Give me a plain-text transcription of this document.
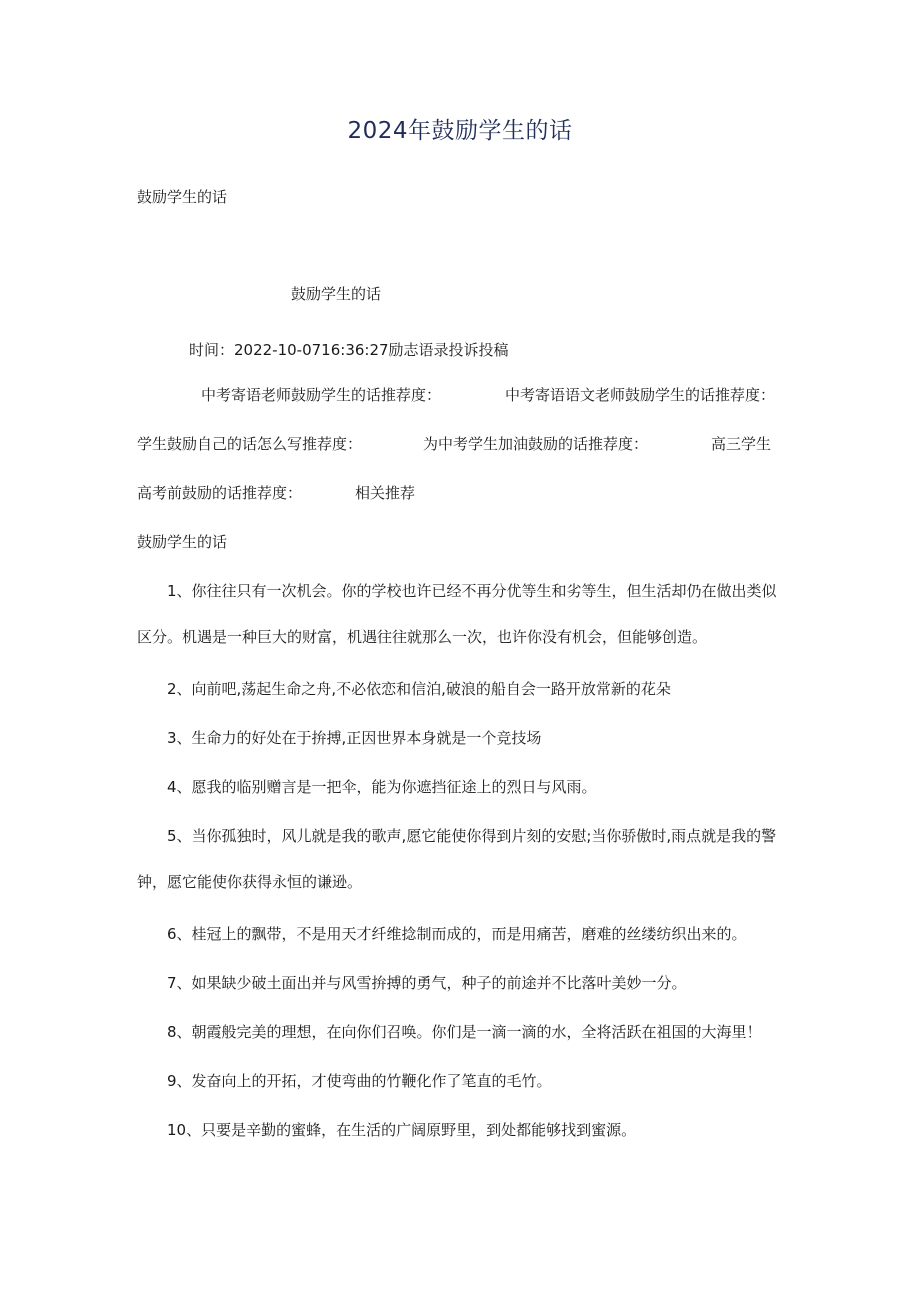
2024年鼓励学生的话
鼓励学生的话
鼓励学生的话
时间：2022-10-0716:36:27励志语录投诉投稿
中考寄语老师鼓励学生的话推荐度：	中考寄语语文老师鼓励学生的话推荐度：
学生鼓励自己的话怎么写推荐度：	为中考学生加油鼓励的话推荐度：	高三学生
高考前鼓励的话推荐度：	相关推荐
鼓励学生的话
1、你往往只有一次机会。你的学校也许已经不再分优等生和劣等生，但生活却仍在做出类似区分。机遇是一种巨大的财富，机遇往往就那么一次，也许你没有机会，但能够创造。
2、向前吧,荡起生命之舟,不必依恋和信泊,破浪的船自会一路开放常新的花朵
3、生命力的好处在于拚搏,正因世界本身就是一个竞技场
4、愿我的临别赠言是一把伞，能为你遮挡征途上的烈日与风雨。
5、当你孤独时，风儿就是我的歌声,愿它能使你得到片刻的安慰;当你骄傲时,雨点就是我的警钟，愿它能使你获得永恒的谦逊。
6、桂冠上的飘带，不是用天才纤维捻制而成的，而是用痛苦，磨难的丝缕纺织出来的。
7、如果缺少破土面出并与风雪拚搏的勇气，种子的前途并不比落叶美妙一分。
8、朝霞般完美的理想，在向你们召唤。你们是一滴一滴的水，全将活跃在祖国的大海里！
9、发奋向上的开拓，才使弯曲的竹鞭化作了笔直的毛竹。
10、只要是辛勤的蜜蜂，在生活的广阔原野里，到处都能够找到蜜源。
